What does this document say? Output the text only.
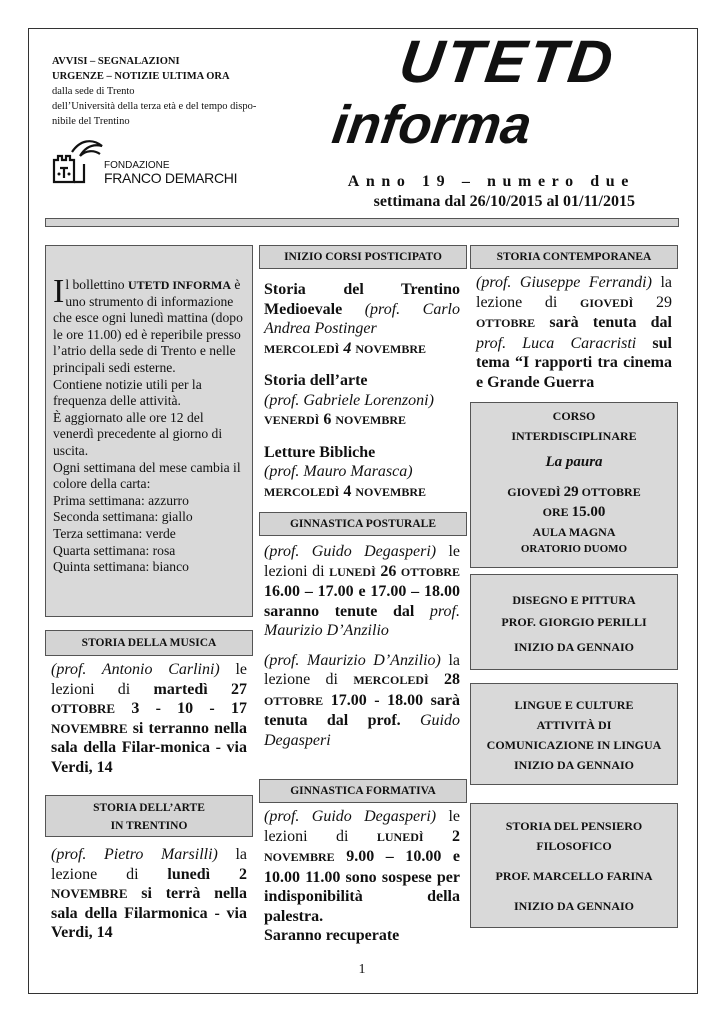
AVVISI – SEGNALAZIONI
URGENZE – NOTIZIE ULTIMA ORA
dalla sede di Trento
dell’Università della terza età e del tempo dispo-
nibile del Trentino
FONDAZIONE
FRANCO DEMARCHI
UTETD
informa
Anno 19 – numero due
settimana dal 26/10/2015 al 01/11/2015

Il bollettino UTETD INFORMA è uno strumento di informazione che esce ogni lunedì mattina (dopo le ore 11.00) ed è reperibile presso l’atrio della sede di Trento e nelle principali sedi esterne.

Contiene notizie utili per la frequenza delle attività.

È aggiornato alle ore 12 del venerdì precedente al giorno di uscita.

Ogni settimana del mese cambia il colore della carta:

Prima settimana: azzurro
Seconda settimana: giallo
Terza settimana: verde
Quarta settimana: rosa
Quinta settimana: bianco
STORIA DELLA MUSICA
(prof. Antonio Carlini) le lezioni di martedì 27 OTTOBRE 3 - 10 - 17 NOVEMBRE si terranno nella sala della Filar-monica - via Verdi, 14
STORIA DELL’ARTE
IN TRENTINO
(prof. Pietro Marsilli) la lezione di lunedì 2 NOVEMBRE si terrà nella sala della Filarmonica - via Verdi, 14
INIZIO CORSI POSTICIPATO
Storia del Trentino Medioevale (prof. Carlo Andrea Postinger
MERCOLEDÌ 4 NOVEMBRE
Storia dell’arte
(prof. Gabriele Lorenzoni)
VENERDÌ 6 NOVEMBRE
Letture Bibliche
(prof. Mauro Marasca)
MERCOLEDÌ 4 NOVEMBRE
GINNASTICA POSTURALE
(prof. Guido Degasperi) le lezioni di LUNEDÌ 26 OTTOBRE 16.00 – 17.00 e 17.00 – 18.00 saranno tenute dal prof. Maurizio D’Anzilio
(prof. Maurizio D’Anzilio) la lezione di MERCOLEDÌ 28 OTTOBRE 17.00 - 18.00 sarà tenuta dal prof. Guido Degasperi
GINNASTICA FORMATIVA
(prof. Guido Degasperi) le lezioni di LUNEDÌ 2 NOVEMBRE 9.00 – 10.00 e 10.00 11.00 sono sospese per indisponibilità della palestra.
Saranno recuperate
STORIA CONTEMPORANEA
(prof. Giuseppe Ferrandi) la lezione di GIOVEDÌ 29 OTTOBRE sarà tenuta dal prof. Luca Caracristi sul tema “I rapporti tra cinema e Grande Guerra
CORSO
INTERDISCIPLINARE
La paura
GIOVEDÌ 29 OTTOBRE
ORE 15.00
AULA MAGNA
ORATORIO DUOMO
DISEGNO E PITTURA
PROF. GIORGIO PERILLI
INIZIO DA GENNAIO
LINGUE E CULTURE
ATTIVITÀ DI
COMUNICAZIONE IN LINGUA
INIZIO DA GENNAIO
STORIA DEL PENSIERO
FILOSOFICO
PROF. MARCELLO FARINA
INIZIO DA GENNAIO
1
